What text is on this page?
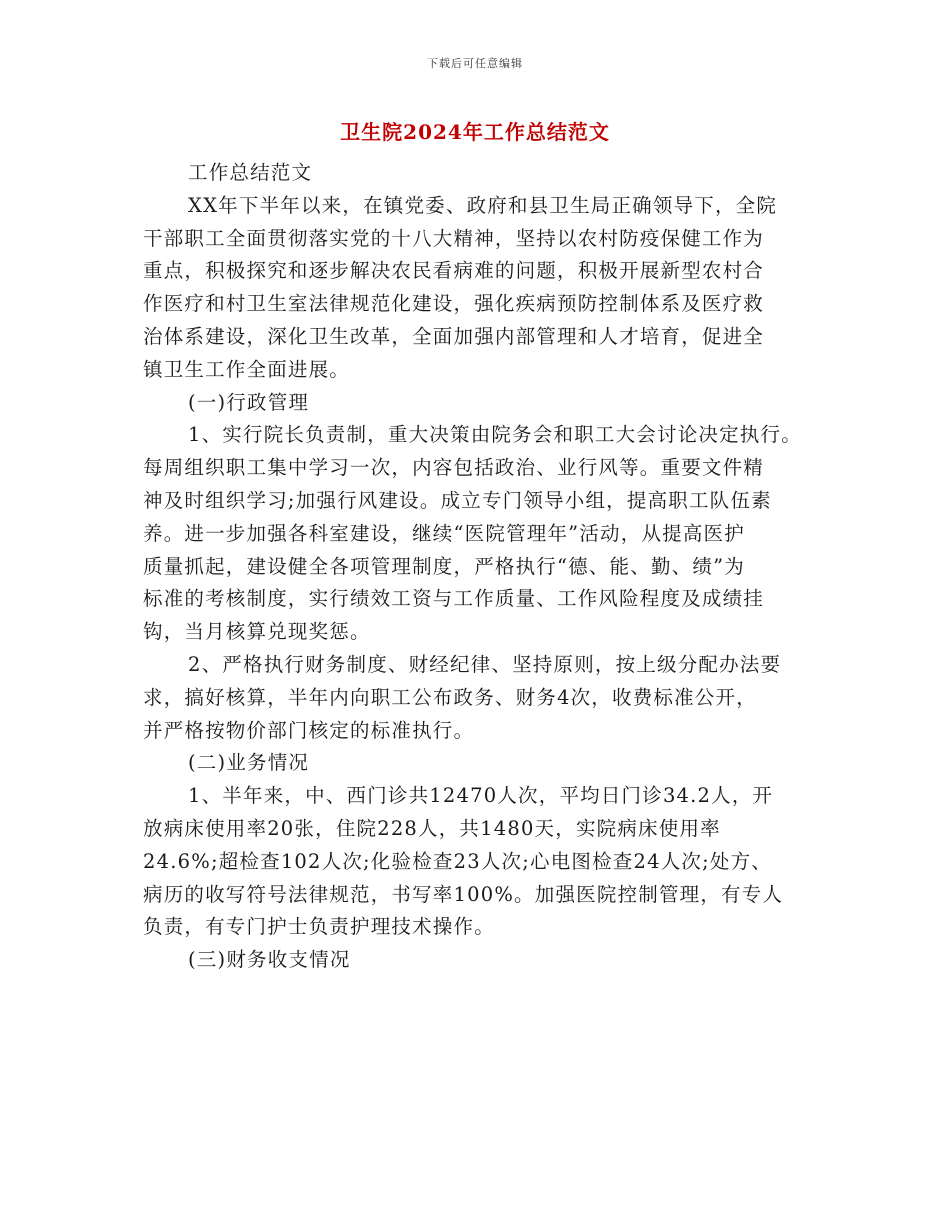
下载后可任意编辑
卫生院2024年工作总结范文
工作总结范文
XX年下半年以来，在镇党委、政府和县卫生局正确领导下，全院
干部职工全面贯彻落实党的十八大精神，坚持以农村防疫保健工作为
重点，积极探究和逐步解决农民看病难的问题，积极开展新型农村合
作医疗和村卫生室法律规范化建设，强化疾病预防控制体系及医疗救
治体系建设，深化卫生改革，全面加强内部管理和人才培育，促进全
镇卫生工作全面进展。
(一)行政管理
1、实行院长负责制，重大决策由院务会和职工大会讨论决定执行。
每周组织职工集中学习一次，内容包括政治、业行风等。重要文件精
神及时组织学习;加强行风建设。成立专门领导小组，提高职工队伍素
养。进一步加强各科室建设，继续“医院管理年”活动，从提高医护
质量抓起，建设健全各项管理制度，严格执行“德、能、勤、绩”为
标准的考核制度，实行绩效工资与工作质量、工作风险程度及成绩挂
钩，当月核算兑现奖惩。
2、严格执行财务制度、财经纪律、坚持原则，按上级分配办法要
求，搞好核算，半年内向职工公布政务、财务4次，收费标准公开，
并严格按物价部门核定的标准执行。
(二)业务情况
1、半年来，中、西门诊共12470人次，平均日门诊34.2人，开
放病床使用率20张，住院228人，共1480天，实院病床使用率
24.6%;超检查102人次;化验检查23人次;心电图检查24人次;处方、
病历的收写符号法律规范，书写率100%。加强医院控制管理，有专人
负责，有专门护士负责护理技术操作。
(三)财务收支情况
